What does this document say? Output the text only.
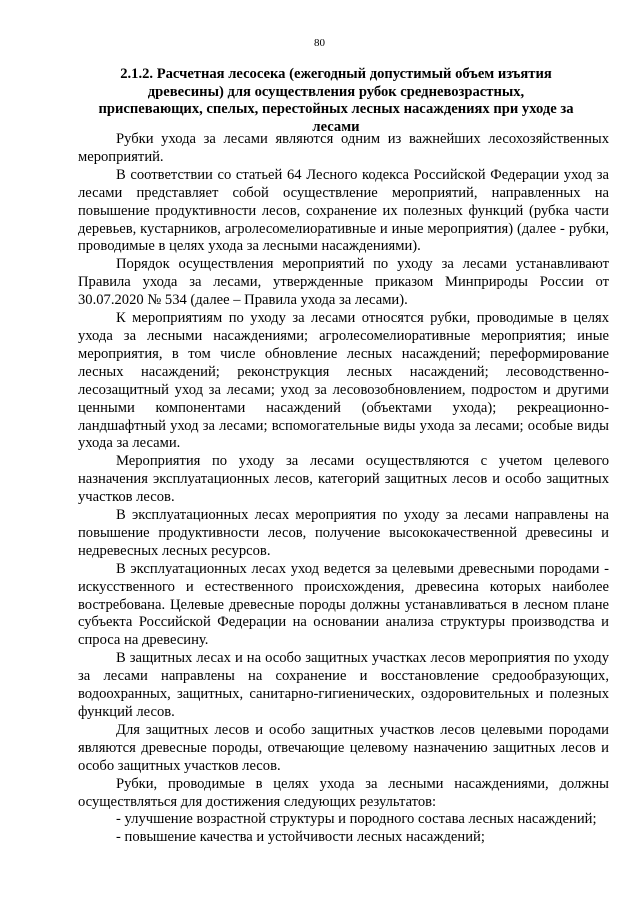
80
2.1.2. Расчетная лесосека (ежегодный допустимый объем изъятия древесины) для осуществления рубок средневозрастных, приспевающих, спелых, перестойных лесных насаждениях при уходе за лесами

Рубки ухода за лесами являются одним из важнейших лесохозяйственных мероприятий.

В соответствии со статьей 64 Лесного кодекса Российской Федерации уход за лесами представляет собой осуществление мероприятий, направленных на повышение продуктивности лесов, сохранение их полезных функций (рубка части деревьев, кустарников, агролесомелиоративные и иные мероприятия) (далее - рубки, проводимые в целях ухода за лесными насаждениями).

Порядок осуществления мероприятий по уходу за лесами устанавливают Правила ухода за лесами, утвержденные приказом Минприроды России от 30.07.2020 № 534 (далее – Правила ухода за лесами).

К мероприятиям по уходу за лесами относятся рубки, проводимые в целях ухода за лесными насаждениями; агролесомелиоративные мероприятия; иные мероприятия, в том числе обновление лесных насаждений; переформирование лесных насаждений; реконструкция лесных насаждений; лесоводственно-лесозащитный уход за лесами; уход за лесовозобновлением, подростом и другими ценными компонентами насаждений (объектами ухода); рекреационно-ландшафтный уход за лесами; вспомогательные виды ухода за лесами; особые виды ухода за лесами.

Мероприятия по уходу за лесами осуществляются с учетом целевого назначения эксплуатационных лесов, категорий защитных лесов и особо защитных участков лесов.

В эксплуатационных лесах мероприятия по уходу за лесами направлены на повышение продуктивности лесов, получение высококачественной древесины и недревесных лесных ресурсов.

В эксплуатационных лесах уход ведется за целевыми древесными породами - искусственного и естественного происхождения, древесина которых наиболее востребована. Целевые древесные породы должны устанавливаться в лесном плане субъекта Российской Федерации на основании анализа структуры производства и спроса на древесину.

В защитных лесах и на особо защитных участках лесов мероприятия по уходу за лесами направлены на сохранение и восстановление средообразующих, водоохранных, защитных, санитарно-гигиенических, оздоровительных и полезных функций лесов.

Для защитных лесов и особо защитных участков лесов целевыми породами являются древесные породы, отвечающие целевому назначению защитных лесов и особо защитных участков лесов.

Рубки, проводимые в целях ухода за лесными насаждениями, должны осуществляться для достижения следующих результатов:

- улучшение возрастной структуры и породного состава лесных насаждений;

- повышение качества и устойчивости лесных насаждений;
